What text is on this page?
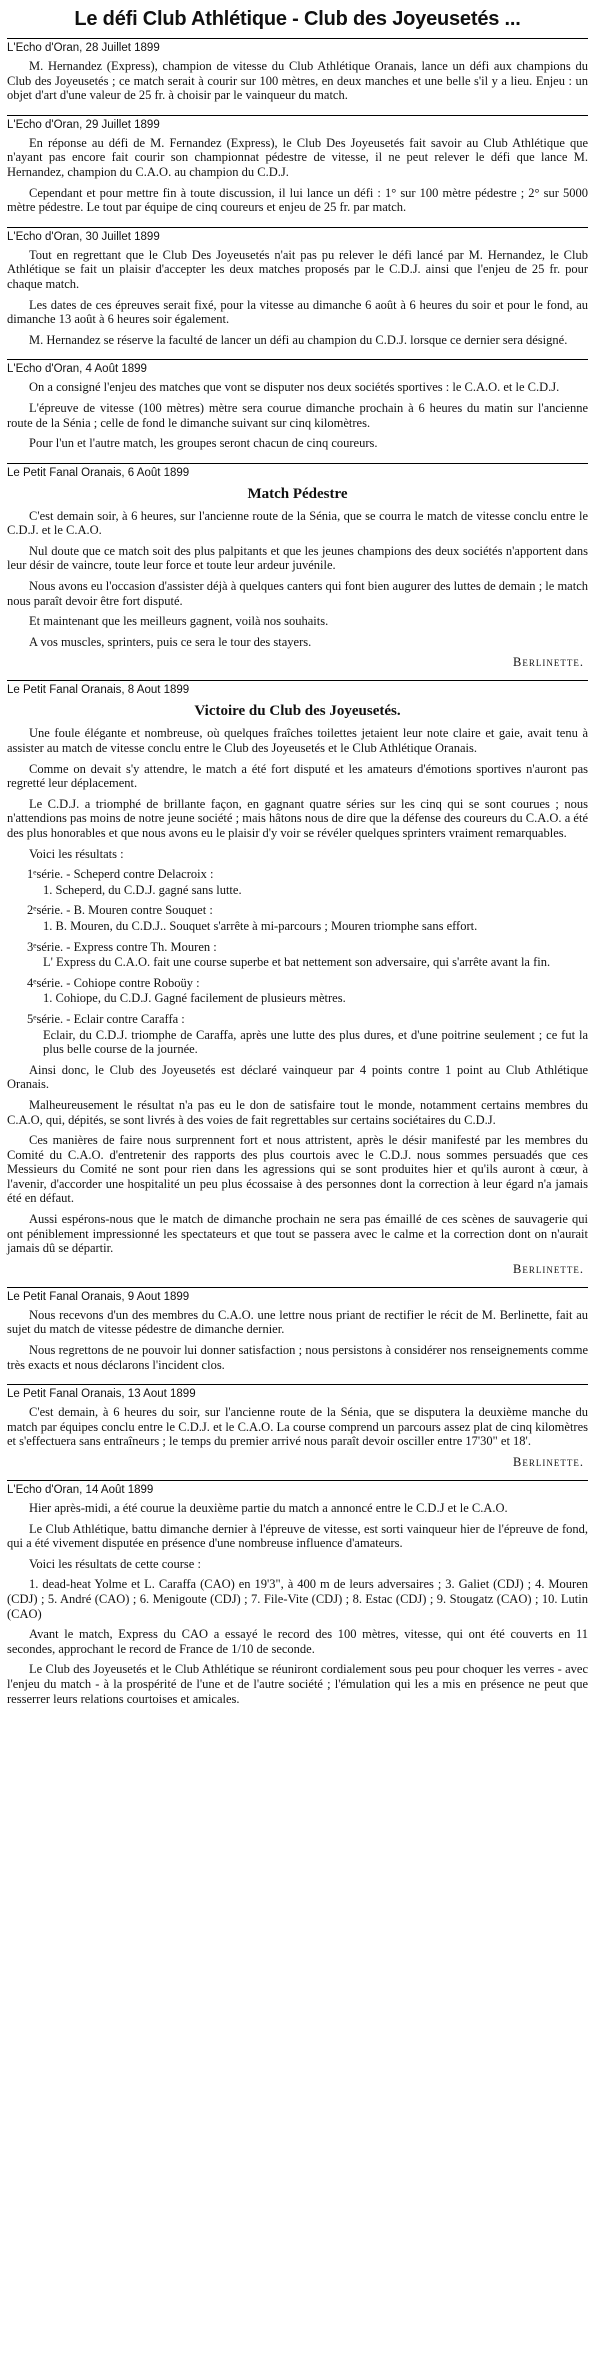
Le défi Club Athlétique - Club des Joyeusetés ...
L'Echo d'Oran, 28 Juillet 1899

M. Hernandez (Express), champion de vitesse du Club Athlétique Oranais, lance un défi aux champions du Club des Joyeusetés ; ce match serait à courir sur 100 mètres, en deux manches et une belle s'il y a lieu. Enjeu : un objet d'art d'une valeur de 25 fr. à choisir par le vainqueur du match.

L'Echo d'Oran, 29 Juillet 1899

En réponse au défi de M. Fernandez (Express), le Club Des Joyeusetés fait savoir au Club Athlétique que n'ayant pas encore fait courir son championnat pédestre de vitesse, il ne peut relever le défi que lance M. Hernandez, champion du C.A.O. au champion du C.D.J.

Cependant et pour mettre fin à toute discussion, il lui lance un défi : 1° sur 100 mètre pédestre ; 2° sur 5000 mètre pédestre. Le tout par équipe de cinq coureurs et enjeu de 25 fr. par match.

L'Echo d'Oran, 30 Juillet 1899

Tout en regrettant que le Club Des Joyeusetés n'ait pas pu relever le défi lancé par M. Hernandez, le Club Athlétique se fait un plaisir d'accepter les deux matches proposés par le C.D.J. ainsi que l'enjeu de 25 fr. pour chaque match.

Les dates de ces épreuves serait fixé, pour la vitesse au dimanche 6 août à 6 heures du soir et pour le fond, au dimanche 13 août à 6 heures soir également.

M. Hernandez se réserve la faculté de lancer un défi au champion du C.D.J. lorsque ce dernier sera désigné.

L'Echo d'Oran, 4 Août 1899

On a consigné l'enjeu des matches que vont se disputer nos deux sociétés sportives : le C.A.O. et le C.D.J.

L'épreuve de vitesse (100 mètres) mètre sera courue dimanche prochain à 6 heures du matin sur l'ancienne route de la Sénia ; celle de fond le dimanche suivant sur cinq kilomètres.

Pour l'un et l'autre match, les groupes seront chacun de cinq coureurs.

Le Petit Fanal Oranais, 6 Août 1899
Match Pédestre

C'est demain soir, à 6 heures, sur l'ancienne route de la Sénia, que se courra le match de vitesse conclu entre le C.D.J. et le C.A.O.

Nul doute que ce match soit des plus palpitants et que les jeunes champions des deux sociétés n'apportent dans leur désir de vaincre, toute leur force et toute leur ardeur juvénile.

Nous avons eu l'occasion d'assister déjà à quelques canters qui font bien augurer des luttes de demain ; le match nous paraît devoir être fort disputé.

Et maintenant que les meilleurs gagnent, voilà nos souhaits.

A vos muscles, sprinters, puis ce sera le tour des stayers.

Berlinette.
Le Petit Fanal Oranais, 8 Aout 1899
Victoire du Club des Joyeusetés.

Une foule élégante et nombreuse, où quelques fraîches toilettes jetaient leur note claire et gaie, avait tenu à assister au match de vitesse conclu entre le Club des Joyeusetés et le Club Athlétique Oranais.

Comme on devait s'y attendre, le match a été fort disputé et les amateurs d'émotions sportives n'auront pas regretté leur déplacement.

Le C.D.J. a triomphé de brillante façon, en gagnant quatre séries sur les cinq qui se sont courues ; nous n'attendions pas moins de notre jeune société ; mais hâtons nous de dire que la défense des coureurs du C.A.O. a été des plus honorables et que nous avons eu le plaisir d'y voir se révéler quelques sprinters vraiment remarquables.

Voici les résultats :

1ᵉsérie. - Scheperd contre Delacroix :

1. Scheperd, du C.D.J. gagné sans lutte.

2ᵉsérie. - B. Mouren contre Souquet :

1. B. Mouren, du C.D.J.. Souquet s'arrête à mi-parcours ; Mouren triomphe sans effort.

3ᵉsérie. - Express contre Th. Mouren :

L' Express du C.A.O. fait une course superbe et bat nettement son adversaire, qui s'arrête avant la fin.

4ᵉsérie. - Cohiope contre Roboüy :

1. Cohiope, du C.D.J. Gagné facilement de plusieurs mètres.

5ᵉsérie. - Eclair contre Caraffa :

Eclair, du C.D.J. triomphe de Caraffa, après une lutte des plus dures, et d'une poitrine seulement ; ce fut la plus belle course de la journée.

Ainsi donc, le Club des Joyeusetés est déclaré vainqueur par 4 points contre 1 point au Club Athlétique Oranais.

Malheureusement le résultat n'a pas eu le don de satisfaire tout le monde, notamment certains membres du C.A.O, qui, dépités, se sont livrés à des voies de fait regrettables sur certains sociétaires du C.D.J.

Ces manières de faire nous surprennent fort et nous attristent, après le désir manifesté par les membres du Comité du C.A.O. d'entretenir des rapports des plus courtois avec le C.D.J. nous sommes persuadés que ces Messieurs du Comité ne sont pour rien dans les agressions qui se sont produites hier et qu'ils auront à cœur, à l'avenir, d'accorder une hospitalité un peu plus écossaise à des personnes dont la correction à leur égard n'a jamais été en défaut.

Aussi espérons-nous que le match de dimanche prochain ne sera pas émaillé de ces scènes de sauvagerie qui ont péniblement impressionné les spectateurs et que tout se passera avec le calme et la correction dont on n'aurait jamais dû se départir.

Berlinette.
Le Petit Fanal Oranais, 9 Aout 1899

Nous recevons d'un des membres du C.A.O. une lettre nous priant de rectifier le récit de M. Berlinette, fait au sujet du match de vitesse pédestre de dimanche dernier.

Nous regrettons de ne pouvoir lui donner satisfaction ; nous persistons à considérer nos renseignements comme très exacts et nous déclarons l'incident clos.

Le Petit Fanal Oranais, 13 Aout 1899

C'est demain, à 6 heures du soir, sur l'ancienne route de la Sénia, que se disputera la deuxième manche du match par équipes conclu entre le C.D.J. et le C.A.O. La course comprend un parcours assez plat de cinq kilomètres et s'effectuera sans entraîneurs ; le temps du premier arrivé nous paraît devoir osciller entre 17'30" et 18'.

Berlinette.
L'Echo d'Oran, 14 Août 1899

Hier après-midi, a été courue la deuxième partie du match a annoncé entre le C.D.J et le C.A.O.

Le Club Athlétique, battu dimanche dernier à l'épreuve de vitesse, est sorti vainqueur hier de l'épreuve de fond, qui a été vivement disputée en présence d'une nombreuse influence d'amateurs.

Voici les résultats de cette course :

1. dead-heat Yolme et L. Caraffa (CAO) en 19'3", à 400 m de leurs adversaires ; 3. Galiet (CDJ) ; 4. Mouren (CDJ) ; 5. André (CAO) ; 6. Menigoute (CDJ) ; 7. File-Vite (CDJ) ; 8. Estac (CDJ) ; 9. Stougatz (CAO) ; 10. Lutin (CAO)

Avant le match, Express du CAO a essayé le record des 100 mètres, vitesse, qui ont été couverts en 11 secondes, approchant le record de France de 1/10 de seconde.

Le Club des Joyeusetés et le Club Athlétique se réuniront cordialement sous peu pour choquer les verres - avec l'enjeu du match - à la prospérité de l'une et de l'autre société ; l'émulation qui les a mis en présence ne peut que resserrer leurs relations courtoises et amicales.
